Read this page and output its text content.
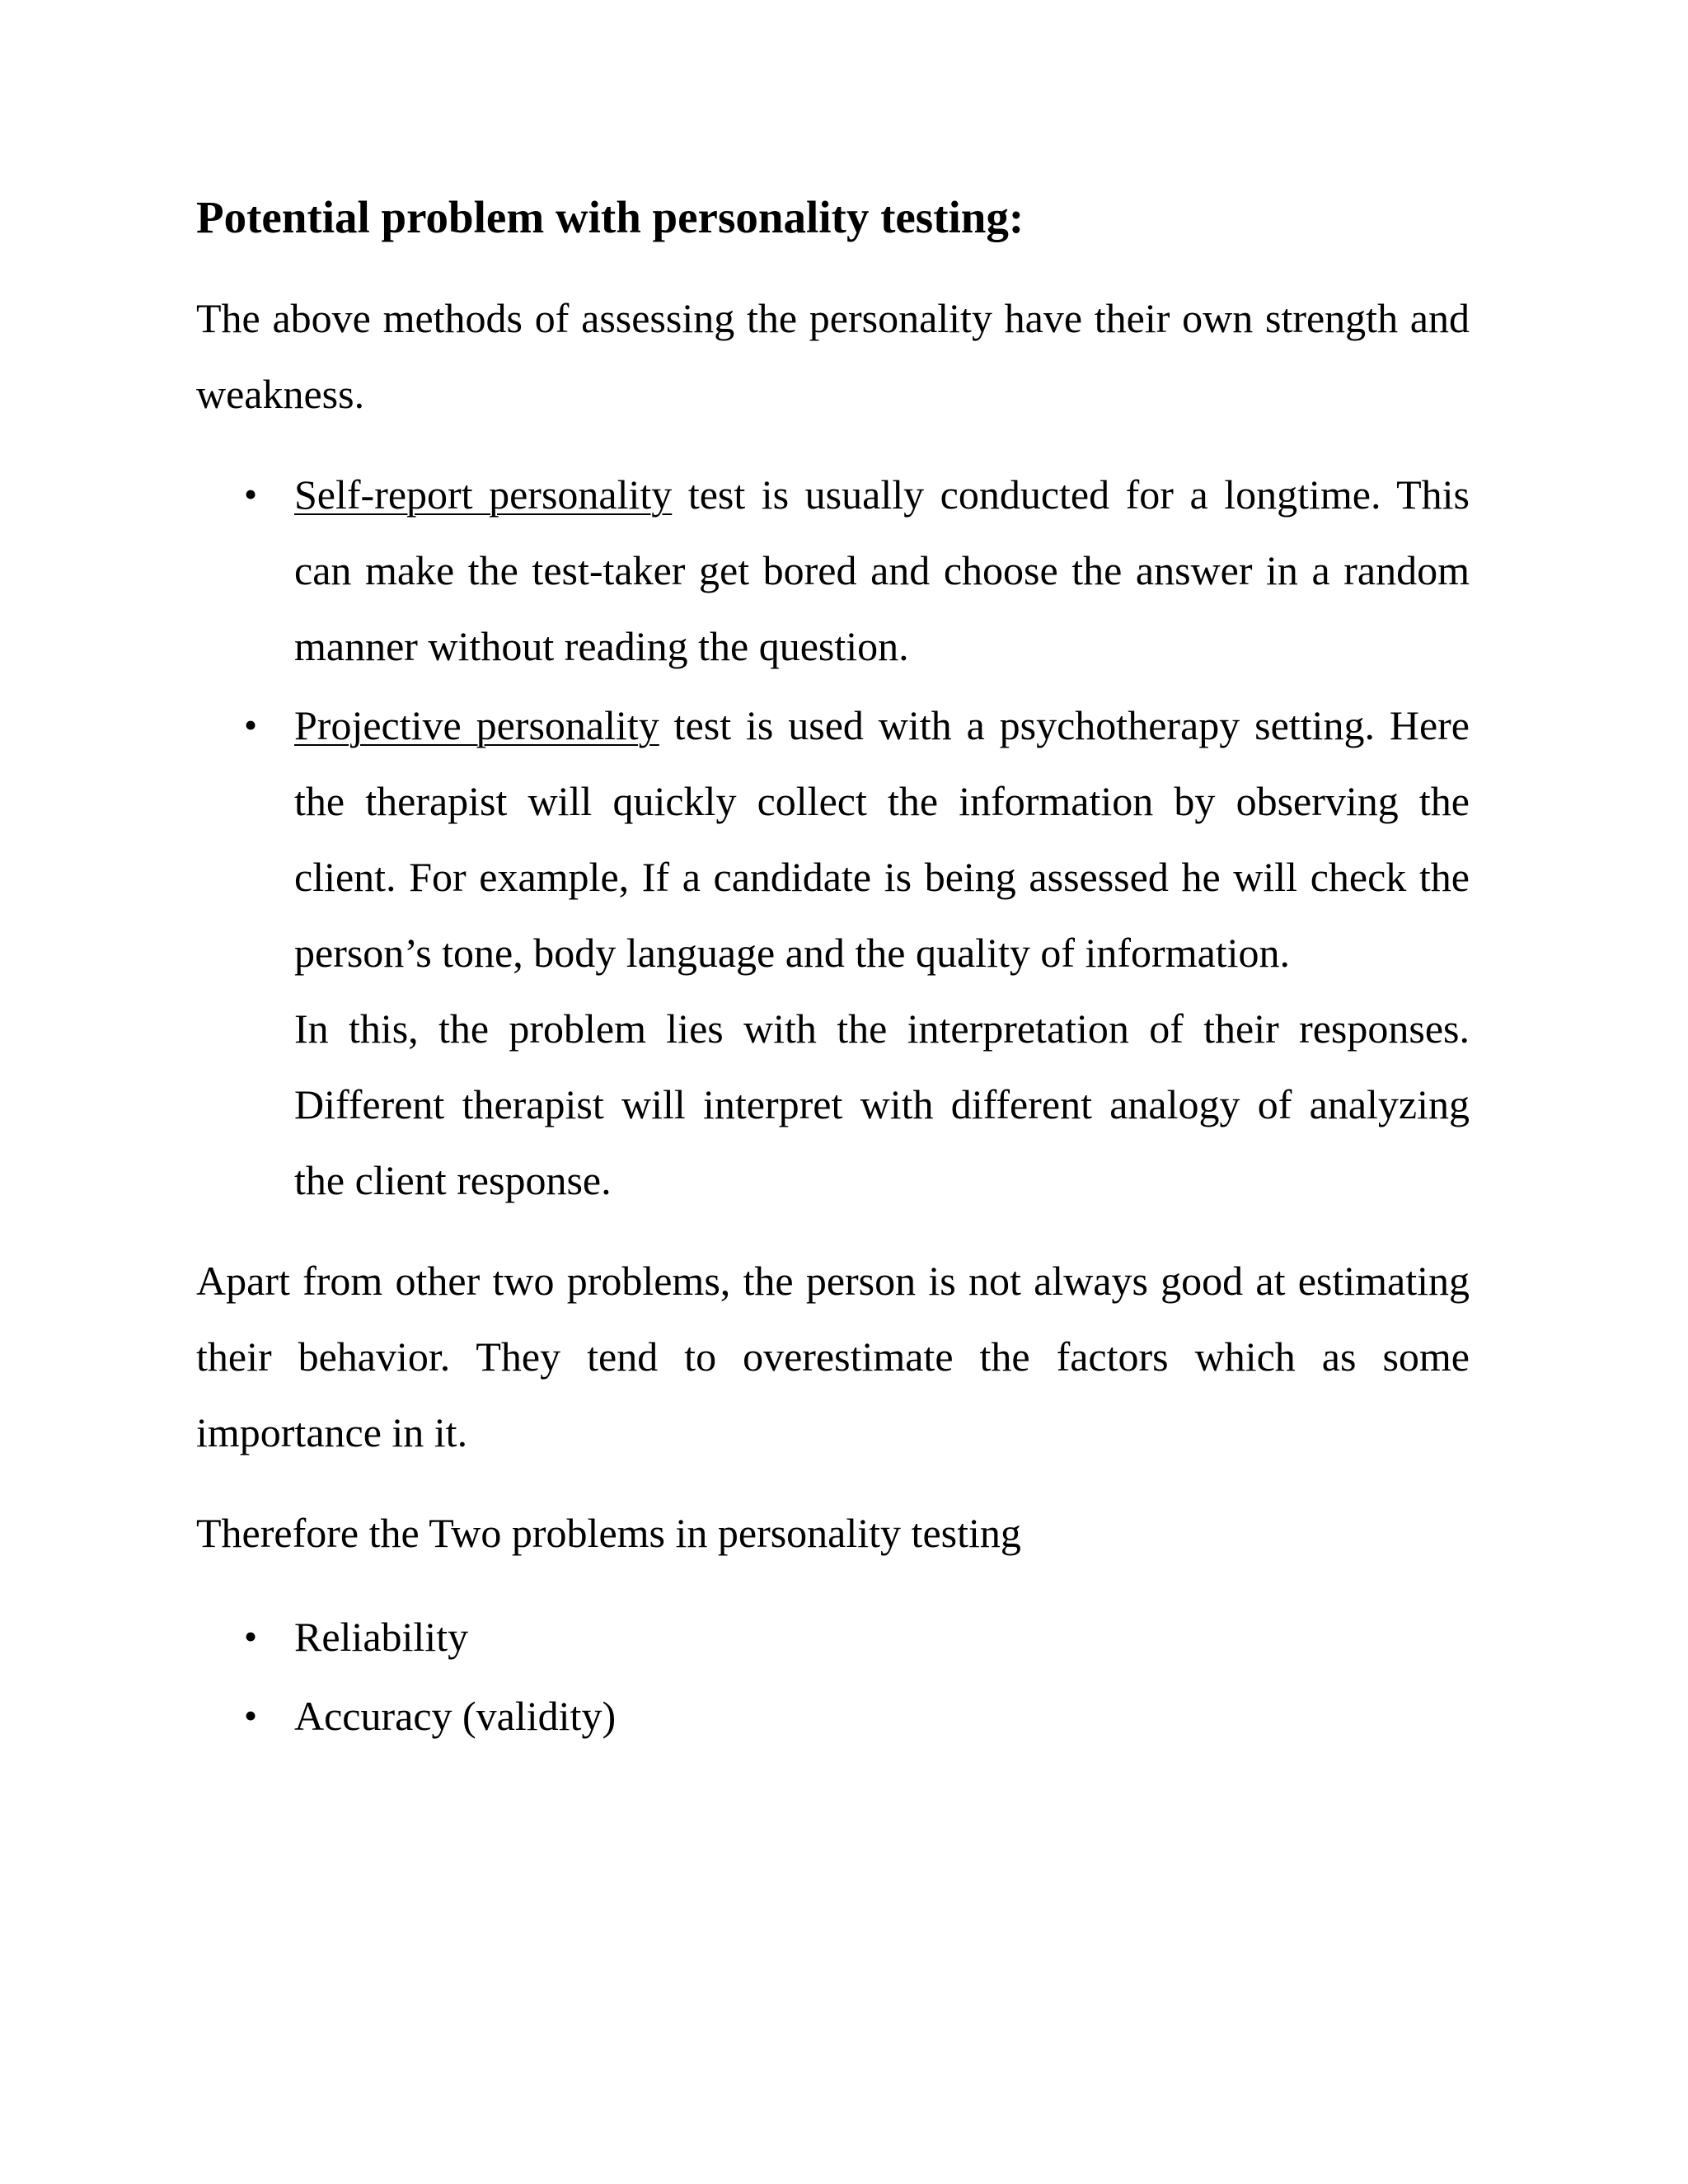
Potential problem with personality testing:

The above methods of assessing the personality have their own strength and weakness.

• Self-report personality test is usually conducted for a longtime. This can make the test-taker get bored and choose the answer in a random manner without reading the question.
• Projective personality test is used with a psychotherapy setting. Here the therapist will quickly collect the information by observing the client. For example, If a candidate is being assessed he will check the person’s tone, body language and the quality of information.
In this, the problem lies with the interpretation of their responses. Different therapist will interpret with different analogy of analyzing the client response.

Apart from other two problems, the person is not always good at estimating their behavior. They tend to overestimate the factors which as some importance in it.

Therefore the Two problems in personality testing

• Reliability
• Accuracy (validity)
